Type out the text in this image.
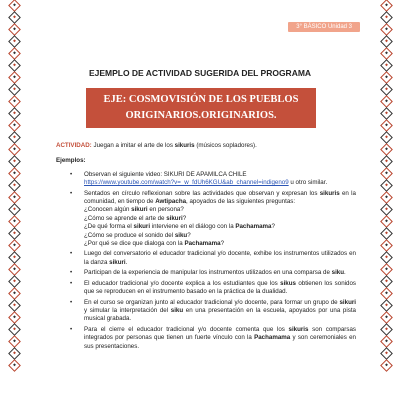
3° BÁSICO Unidad 3
EJEMPLO DE ACTIVIDAD SUGERIDA DEL PROGRAMA
EJE: COSMOVISIÓN DE LOS PUEBLOS ORIGINARIOS.ORIGINARIOS.

ACTIVIDAD: Juegan a imitar el arte de los sikuris (músicos sopladores).

Ejemplos:

• Observan el siguiente video: SIKURI DE APAMILCA CHILE
https://www.youtube.com/watch?v=_w_fdUh6KGU&ab_channel=indigeno9 u otro similar.
• Sentados en círculo reflexionan sobre las actividades que observan y expresan los sikuris en la comunidad, en tiempo de Awtipacha, apoyados de las siguientes preguntas:
¿Conocen algún sikuri en persona?
¿Cómo se aprende el arte de sikuri?
¿De qué forma el sikuri interviene en el diálogo con la Pachamama?
¿Cómo se produce el sonido del siku?
¿Por qué se dice que dialoga con la Pachamama?
• Luego del conversatorio el educador tradicional y/o docente, exhibe los instrumentos utilizados en la danza sikuri.
• Participan de la experiencia de manipular los instrumentos utilizados en una comparsa de siku.
• El educador tradicional y/o docente explica a los estudiantes que los sikus obtienen los sonidos que se reproducen en el instrumento basado en la práctica de la dualidad.
• En el curso se organizan junto al educador tradicional y/o docente, para formar un grupo de sikuri y simular la interpretación del siku en una presentación en la escuela, apoyados por una pista musical grabada.
• Para el cierre el educador tradicional y/o docente comenta que los sikuris son comparsas integrados por personas que tienen un fuerte vínculo con la Pachamama y son ceremoniales en sus presentaciones.
